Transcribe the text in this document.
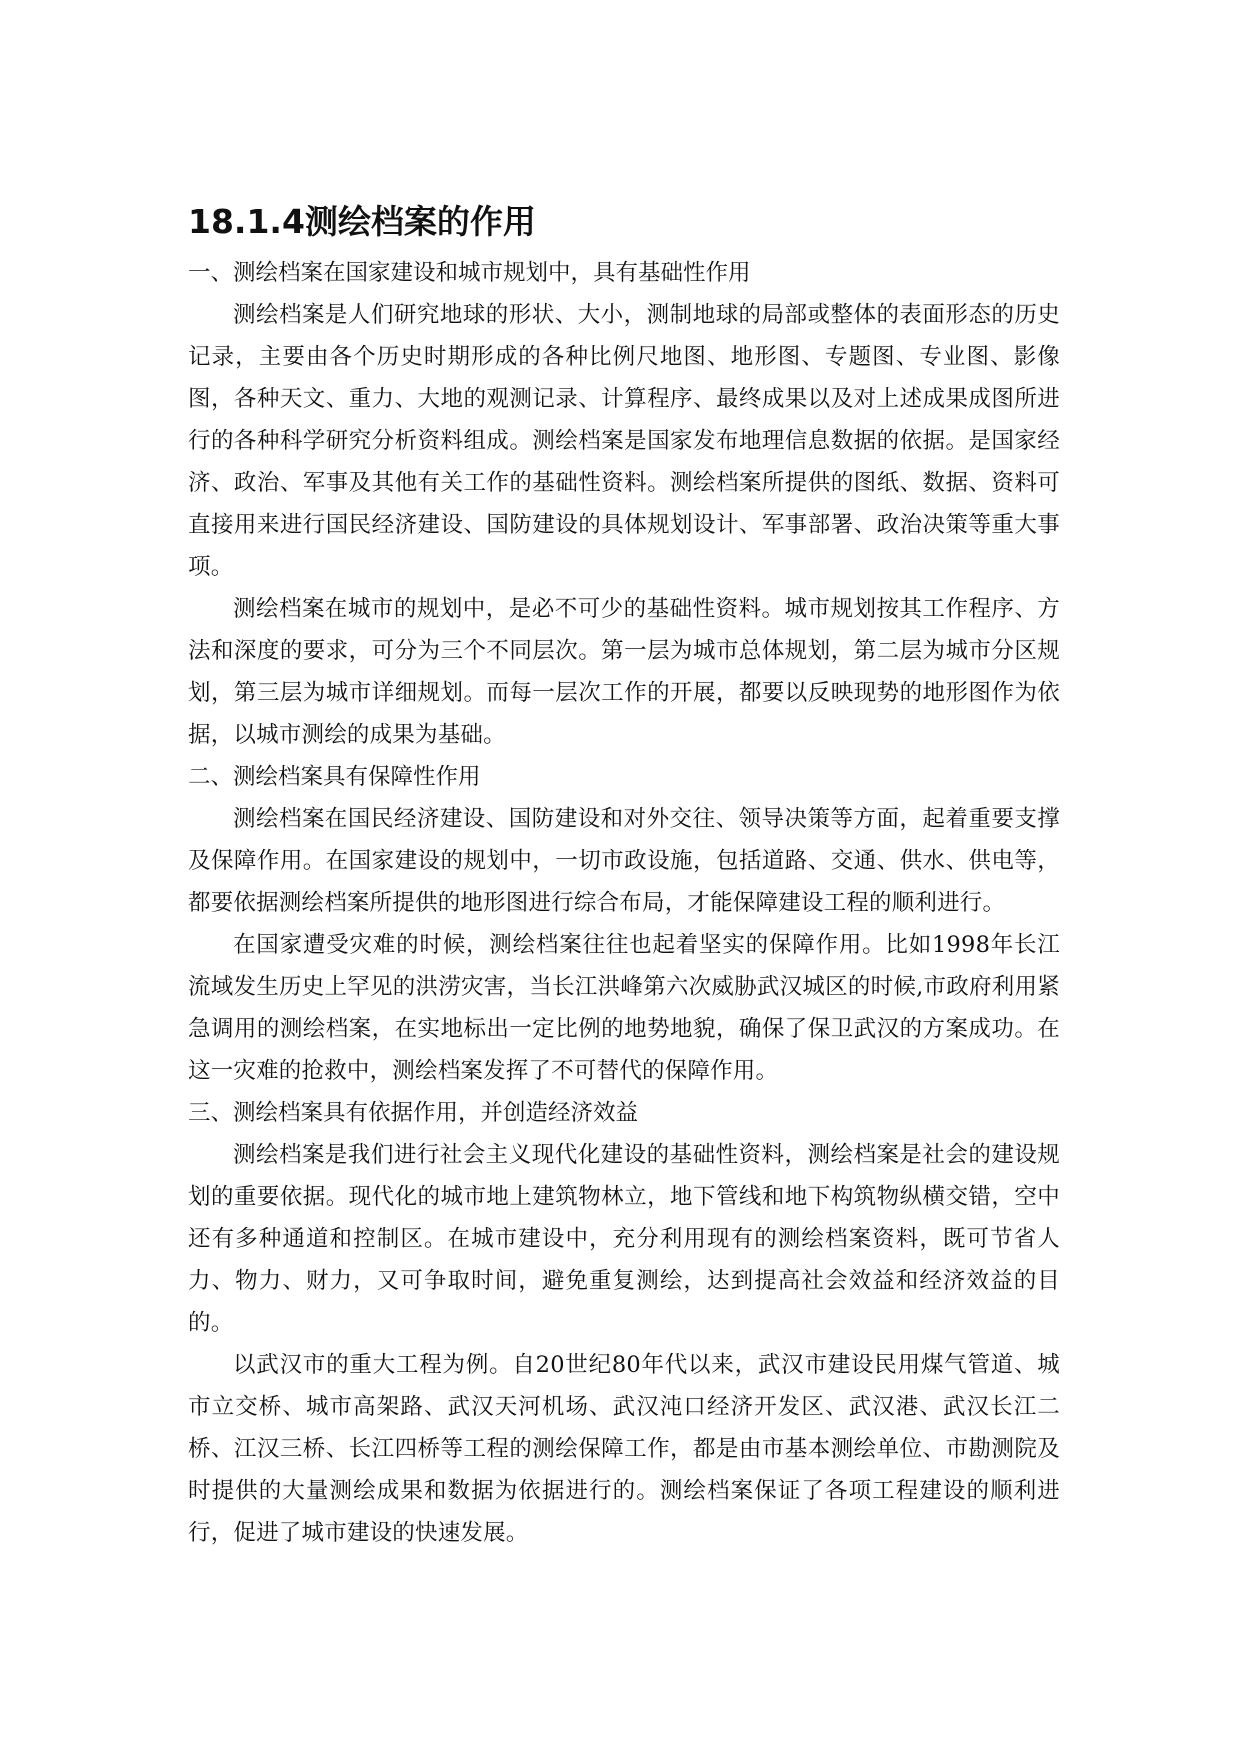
18.1.4测绘档案的作用

一、测绘档案在国家建设和城市规划中，具有基础性作用

测绘档案是人们研究地球的形状、大小，测制地球的局部或整体的表面形态的历史记录，主要由各个历史时期形成的各种比例尺地图、地形图、专题图、专业图、影像图，各种天文、重力、大地的观测记录、计算程序、最终成果以及对上述成果成图所进行的各种科学研究分析资料组成。测绘档案是国家发布地理信息数据的依据。是国家经济、政治、军事及其他有关工作的基础性资料。测绘档案所提供的图纸、数据、资料可直接用来进行国民经济建设、国防建设的具体规划设计、军事部署、政治决策等重大事项。

测绘档案在城市的规划中，是必不可少的基础性资料。城市规划按其工作程序、方法和深度的要求，可分为三个不同层次。第一层为城市总体规划，第二层为城市分区规划，第三层为城市详细规划。而每一层次工作的开展，都要以反映现势的地形图作为依据，以城市测绘的成果为基础。

二、测绘档案具有保障性作用

测绘档案在国民经济建设、国防建设和对外交往、领导决策等方面，起着重要支撑及保障作用。在国家建设的规划中，一切市政设施，包括道路、交通、供水、供电等，都要依据测绘档案所提供的地形图进行综合布局，才能保障建设工程的顺利进行。

在国家遭受灾难的时候，测绘档案往往也起着坚实的保障作用。比如1998年长江流域发生历史上罕见的洪涝灾害，当长江洪峰第六次威胁武汉城区的时候,市政府利用紧急调用的测绘档案，在实地标出一定比例的地势地貌，确保了保卫武汉的方案成功。在这一灾难的抢救中，测绘档案发挥了不可替代的保障作用。

三、测绘档案具有依据作用，并创造经济效益

测绘档案是我们进行社会主义现代化建设的基础性资料，测绘档案是社会的建设规划的重要依据。现代化的城市地上建筑物林立，地下管线和地下构筑物纵横交错，空中还有多种通道和控制区。在城市建设中，充分利用现有的测绘档案资料，既可节省人力、物力、财力，又可争取时间，避免重复测绘，达到提高社会效益和经济效益的目的。

以武汉市的重大工程为例。自20世纪80年代以来，武汉市建设民用煤气管道、城市立交桥、城市高架路、武汉天河机场、武汉沌口经济开发区、武汉港、武汉长江二桥、江汉三桥、长江四桥等工程的测绘保障工作，都是由市基本测绘单位、市勘测院及时提供的大量测绘成果和数据为依据进行的。测绘档案保证了各项工程建设的顺利进行，促进了城市建设的快速发展。
